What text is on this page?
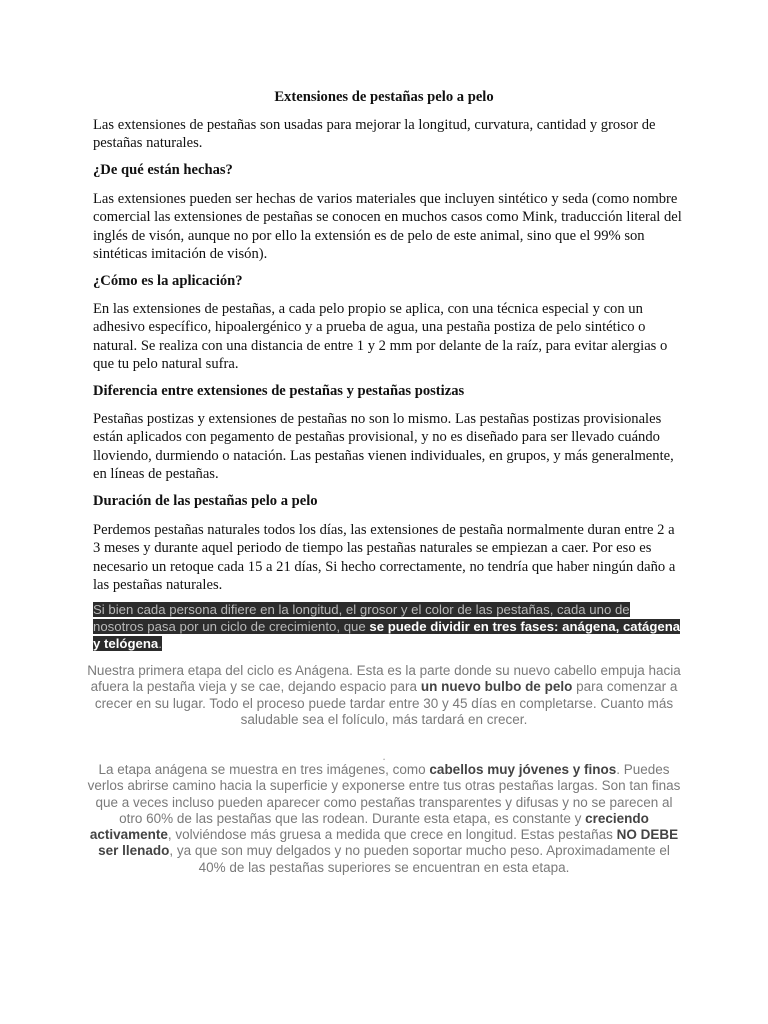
Extensiones de pestañas pelo a pelo

Las extensiones de pestañas son usadas para mejorar la longitud, curvatura, cantidad y grosor de pestañas naturales.

¿De qué están hechas?

Las extensiones pueden ser hechas de varios materiales que incluyen sintético y seda (como nombre comercial las extensiones de pestañas se conocen en muchos casos como Mink, traducción literal del inglés de visón, aunque no por ello la extensión es de pelo de este animal, sino que el 99% son sintéticas imitación de visón).

¿Cómo es la aplicación?

En las extensiones de pestañas, a cada pelo propio se aplica, con una técnica especial y con un adhesivo específico, hipoalergénico y a prueba de agua, una pestaña postiza de pelo sintético o natural. Se realiza con una distancia de entre 1 y 2 mm por delante de la raíz, para evitar alergias o que tu pelo natural sufra.

Diferencia entre extensiones de pestañas y pestañas postizas

Pestañas postizas y extensiones de pestañas no son lo mismo. Las pestañas postizas provisionales están aplicados con pegamento de pestañas provisional, y no es diseñado para ser llevado cuándo lloviendo, durmiendo o natación. Las pestañas vienen individuales, en grupos, y más generalmente, en líneas de pestañas.

Duración de las pestañas pelo a pelo

Perdemos pestañas naturales todos los días, las extensiones de pestaña normalmente duran entre 2 a 3 meses y durante aquel periodo de tiempo las pestañas naturales se empiezan a caer. Por eso es necesario un retoque cada 15 a 21 días, Si hecho correctamente, no tendría que haber ningún daño a las pestañas naturales.

Si bien cada persona difiere en la longitud, el grosor y el color de las pestañas, cada uno de nosotros pasa por un ciclo de crecimiento, que se puede dividir en tres fases: anágena, catágena y telógena.

Nuestra primera etapa del ciclo es Anágena. Esta es la parte donde su nuevo cabello empuja hacia afuera la pestaña vieja y se cae, dejando espacio para un nuevo bulbo de pelo para comenzar a crecer en su lugar. Todo el proceso puede tardar entre 30 y 45 días en completarse. Cuanto más saludable sea el folículo, más tardará en crecer.

.

La etapa anágena se muestra en tres imágenes, como cabellos muy jóvenes y finos. Puedes verlos abrirse camino hacia la superficie y exponerse entre tus otras pestañas largas. Son tan finas que a veces incluso pueden aparecer como pestañas transparentes y difusas y no se parecen al otro 60% de las pestañas que las rodean. Durante esta etapa, es constante y creciendo activamente, volviéndose más gruesa a medida que crece en longitud. Estas pestañas NO DEBE ser llenado, ya que son muy delgados y no pueden soportar mucho peso. Aproximadamente el 40% de las pestañas superiores se encuentran en esta etapa.
